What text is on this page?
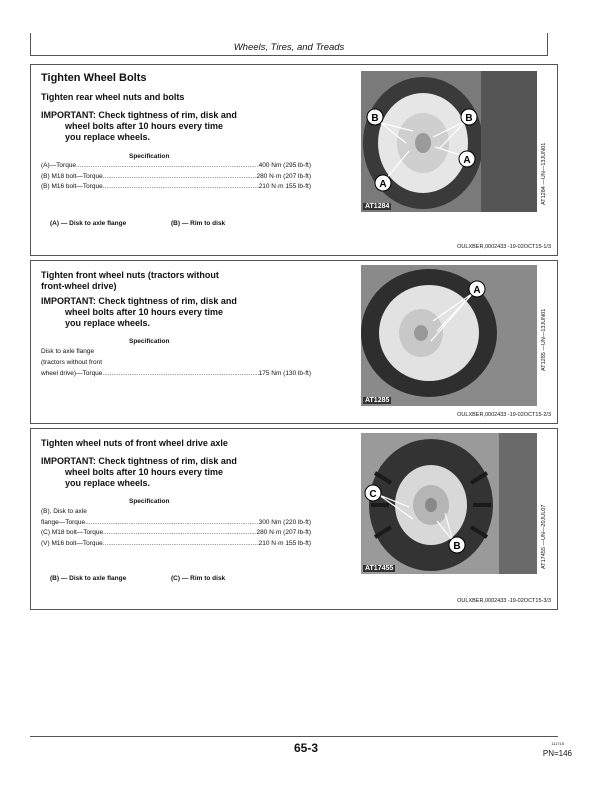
Wheels, Tires, and Treads
Tighten Wheel Bolts
Tighten rear wheel nuts and bolts
IMPORTANT: Check tightness of rim, disk and
wheel bolts after 10 hours every time
you replace wheels.
Specification
(A)—Torque .....	400 Nm (295 lb-ft)
(B) M18 bolt—Torque .....	280 N·m (207 lb-ft)
(B) M16 bolt—Torque .....	210 N·m 155 lb-ft)
(A) — Disk to axle flange	(B) — Rim to disk
B	B
A
A
AT1284
AT1284 —UN—13JUN01
OULXBER,0002433 -19-02OCT15-1/3
Tighten front wheel nuts (tractors without
front-wheel drive)
IMPORTANT: Check tightness of rim, disk and
wheel bolts after 10 hours every time
you replace wheels.
Specification
Disk to axle flange
(tractors without front
wheel drive)—Torque .....	175 Nm (130 lb-ft)
A
AT1285
AT1285 —UN—13JUN01
OULXBER,0002433 -19-02OCT15-2/3
Tighten wheel nuts of front wheel drive axle
IMPORTANT: Check tightness of rim, disk and
wheel bolts after 10 hours every time
you replace wheels.
Specification
(B), Disk to axle
flange—Torque .....	300 Nm (220 lb-ft)
(C) M18 bolt—Torque .....	280 N·m (207 lb-ft)
(V) M16 bolt—Torque .....	210 N·m 155 lb-ft)
(B) — Disk to axle flange	(C) — Rim to disk
C
B
AT17455	AT17455 —UN—20JUL07
OULXBER,0002433 -19-02OCT15-3/3
65-3	111715
PN=146
